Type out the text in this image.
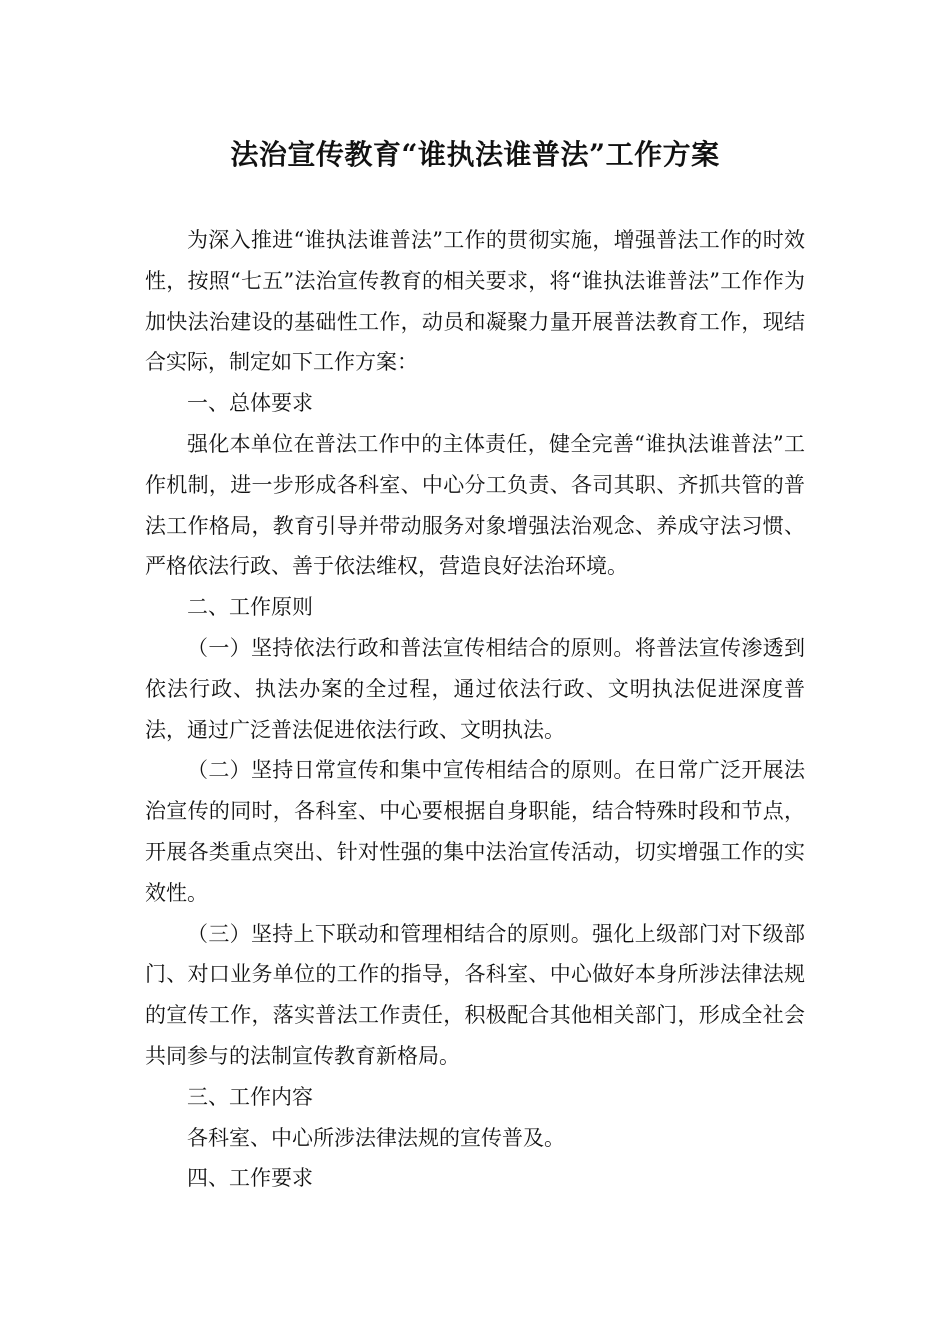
法治宣传教育“谁执法谁普法”工作方案

为深入推进“谁执法谁普法”工作的贯彻实施，增强普法工作的时效性，按照“七五”法治宣传教育的相关要求，将“谁执法谁普法”工作作为加快法治建设的基础性工作，动员和凝聚力量开展普法教育工作，现结合实际，制定如下工作方案：

一、总体要求

强化本单位在普法工作中的主体责任，健全完善“谁执法谁普法”工作机制，进一步形成各科室、中心分工负责、各司其职、齐抓共管的普法工作格局，教育引导并带动服务对象增强法治观念、养成守法习惯、严格依法行政、善于依法维权，营造良好法治环境。

二、工作原则

（一）坚持依法行政和普法宣传相结合的原则。将普法宣传渗透到依法行政、执法办案的全过程，通过依法行政、文明执法促进深度普法，通过广泛普法促进依法行政、文明执法。

（二）坚持日常宣传和集中宣传相结合的原则。在日常广泛开展法治宣传的同时，各科室、中心要根据自身职能，结合特殊时段和节点，开展各类重点突出、针对性强的集中法治宣传活动，切实增强工作的实效性。

（三）坚持上下联动和管理相结合的原则。强化上级部门对下级部门、对口业务单位的工作的指导，各科室、中心做好本身所涉法律法规的宣传工作，落实普法工作责任，积极配合其他相关部门，形成全社会共同参与的法制宣传教育新格局。

三、工作内容

各科室、中心所涉法律法规的宣传普及。

四、工作要求
